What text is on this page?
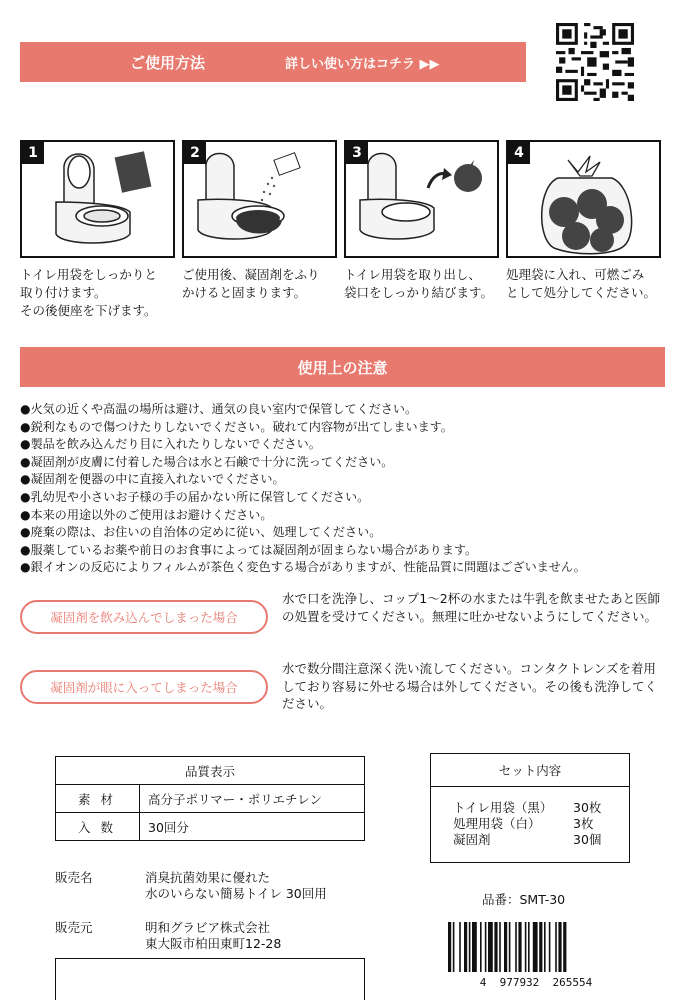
ご使用方法	詳しい使い方はコチラ ▶▶
1	2	3	4
トイレ用袋をしっかりと
取り付けます。
その後便座を下げます。
ご使用後、凝固剤をふり
かけると固まります。
トイレ用袋を取り出し、
袋口をしっかり結びます。
処理袋に入れ、可燃ごみ
として処分してください。
使用上の注意
● 火気の近くや高温の場所は避け、通気の良い室内で保管してください。
● 鋭利なもので傷つけたりしないでください。破れて内容物が出てしまいます。
● 製品を飲み込んだり目に入れたりしないでください。
● 凝固剤が皮膚に付着した場合は水と石鹸で十分に洗ってください。
● 凝固剤を便器の中に直接入れないでください。
● 乳幼児や小さいお子様の手の届かない所に保管してください。
● 本来の用途以外のご使用はお避けください。
● 廃棄の際は、お住いの自治体の定めに従い、処理してください。
● 服薬しているお薬や前日のお食事によっては凝固剤が固まらない場合があります。
● 銀イオンの反応によりフィルムが茶色く変色する場合がありますが、性能品質に問題はございません。
凝固剤を飲み込んでしまった場合
水で口を洗浄し、コップ1～2杯の水または牛乳を飲ませたあと医師の処置を受けてください。無理に吐かせないようにしてください。
凝固剤が眼に入ってしまった場合
水で数分間注意深く洗い流してください。コンタクトレンズを着用しており容易に外せる場合は外してください。その後も洗浄してください。
品質表示	
素材	高分子ポリマー・ポリエチレン
入数	30回分
セット内容
トイレ用袋（黒）	30枚
処理用袋（白）	3枚
凝固剤	30個
販売名	消臭抗菌効果に優れた
水のいらない簡易トイレ 30回用
販売元	明和グラビア株式会社
東大阪市柏田東町12-28
品番：SMT-30
4  977932  265554
